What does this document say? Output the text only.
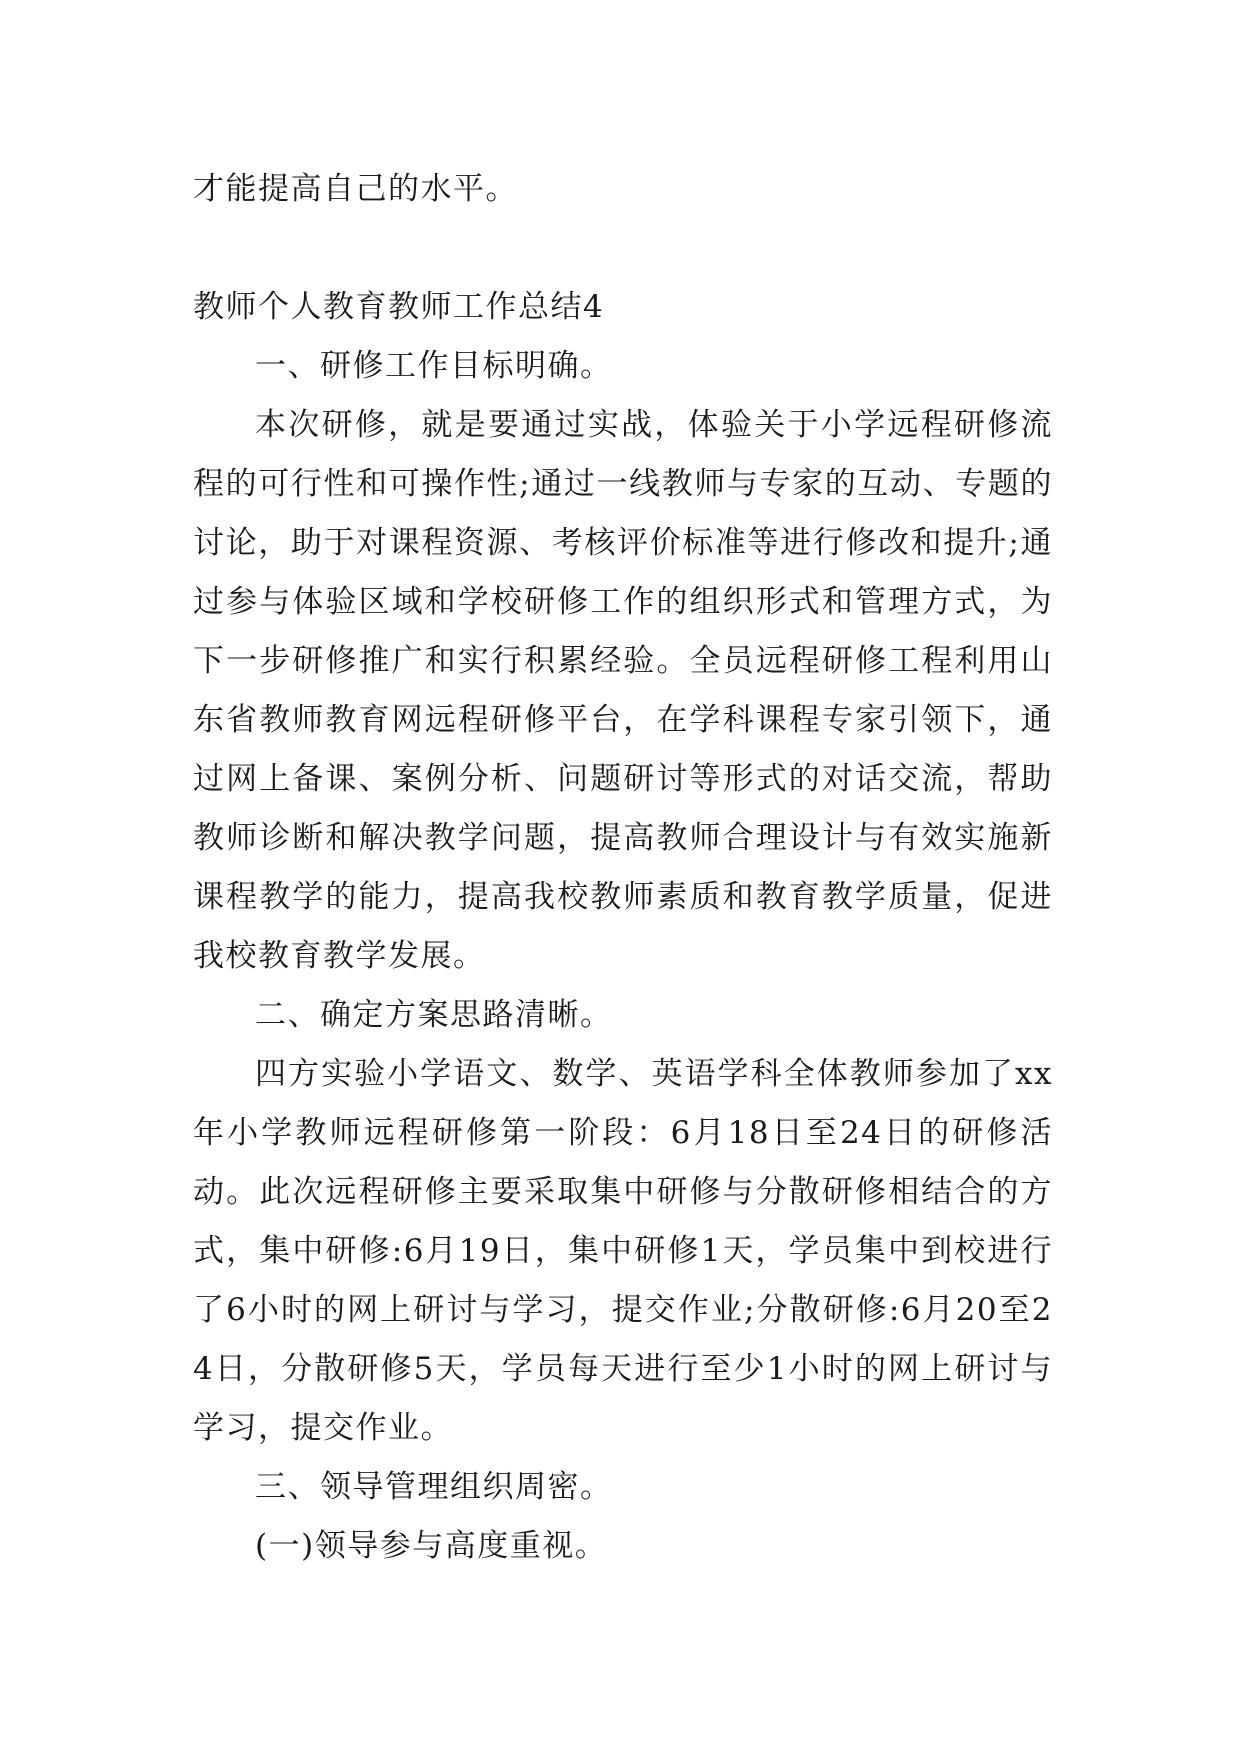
才能提高自己的水平。

教师个人教育教师工作总结4

一、研修工作目标明确。

本次研修，就是要通过实战，体验关于小学远程研修流程的可行性和可操作性;通过一线教师与专家的互动、专题的讨论，助于对课程资源、考核评价标准等进行修改和提升;通过参与体验区域和学校研修工作的组织形式和管理方式，为下一步研修推广和实行积累经验。全员远程研修工程利用山东省教师教育网远程研修平台，在学科课程专家引领下，通过网上备课、案例分析、问题研讨等形式的对话交流，帮助教师诊断和解决教学问题，提高教师合理设计与有效实施新课程教学的能力，提高我校教师素质和教育教学质量，促进我校教育教学发展。

二、确定方案思路清晰。

四方实验小学语文、数学、英语学科全体教师参加了xx年小学教师远程研修第一阶段：6月18日至24日的研修活动。此次远程研修主要采取集中研修与分散研修相结合的方式，集中研修:6月19日，集中研修1天，学员集中到校进行了6小时的网上研讨与学习，提交作业;分散研修:6月20至24日，分散研修5天，学员每天进行至少1小时的网上研讨与学习，提交作业。

三、领导管理组织周密。

(一)领导参与高度重视。
